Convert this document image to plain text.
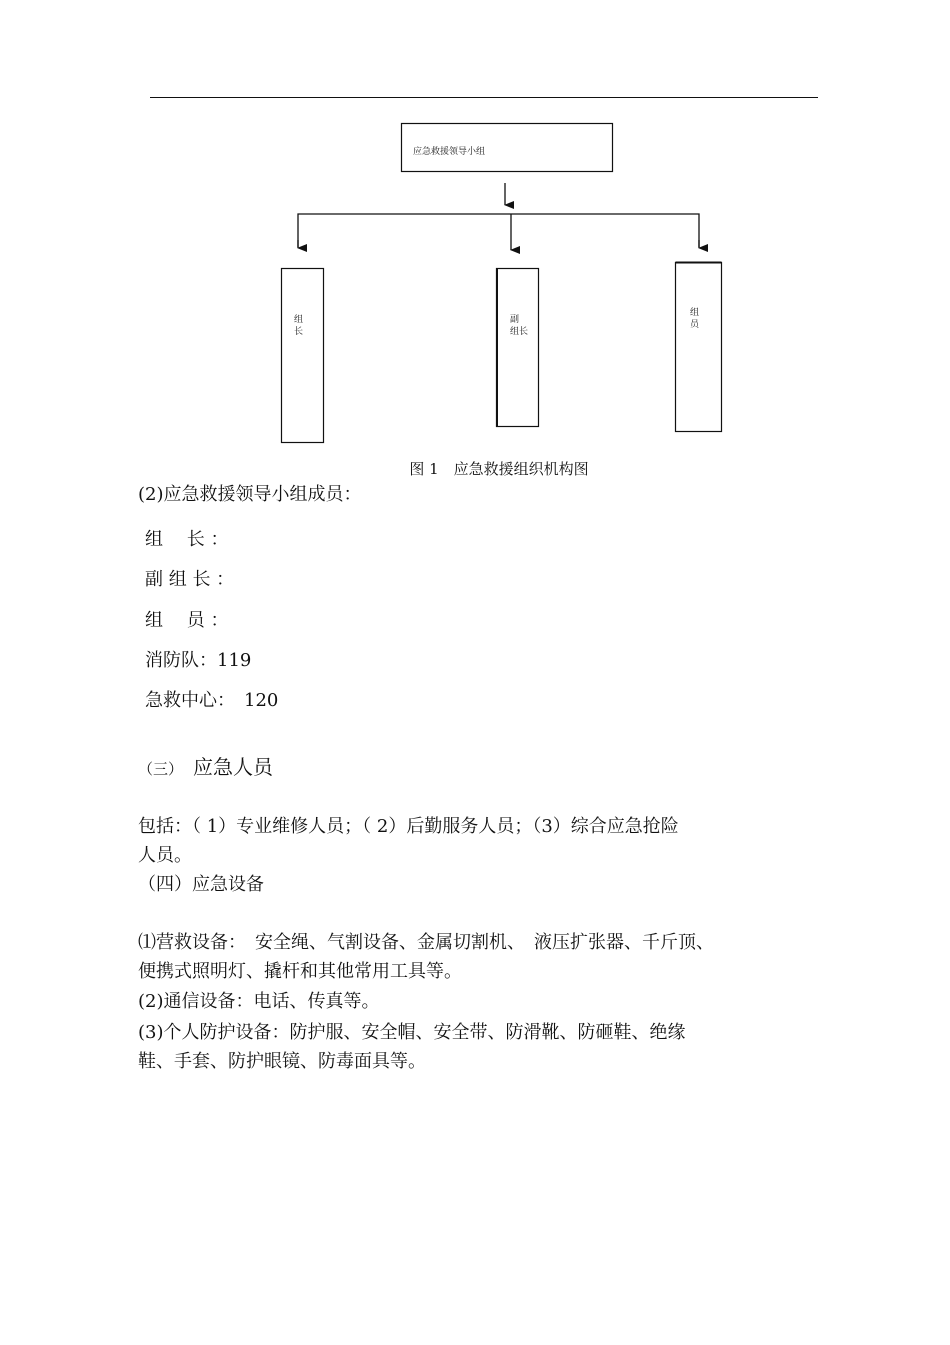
应急救援领导小组
组
长
副
组长
组
员
图 1　应急救援组织机构图
(2)应急救援领导小组成员：
组　 长 ：
副 组 长 ：
组　 员 ：
消防队：119
急救中心：　120
（三） 应急人员
包括：（ 1）专业维修人员；（ 2）后勤服务人员；（3）综合应急抢险
人员。
（四）应急设备
⑴营救设备：　安全绳、气割设备、金属切割机、　液压扩张器、千斤顶、
便携式照明灯、撬杆和其他常用工具等。
(2)通信设备：电话、传真等。
(3)个人防护设备：防护服、安全帽、安全带、防滑靴、防砸鞋、绝缘
鞋、手套、防护眼镜、防毒面具等。
